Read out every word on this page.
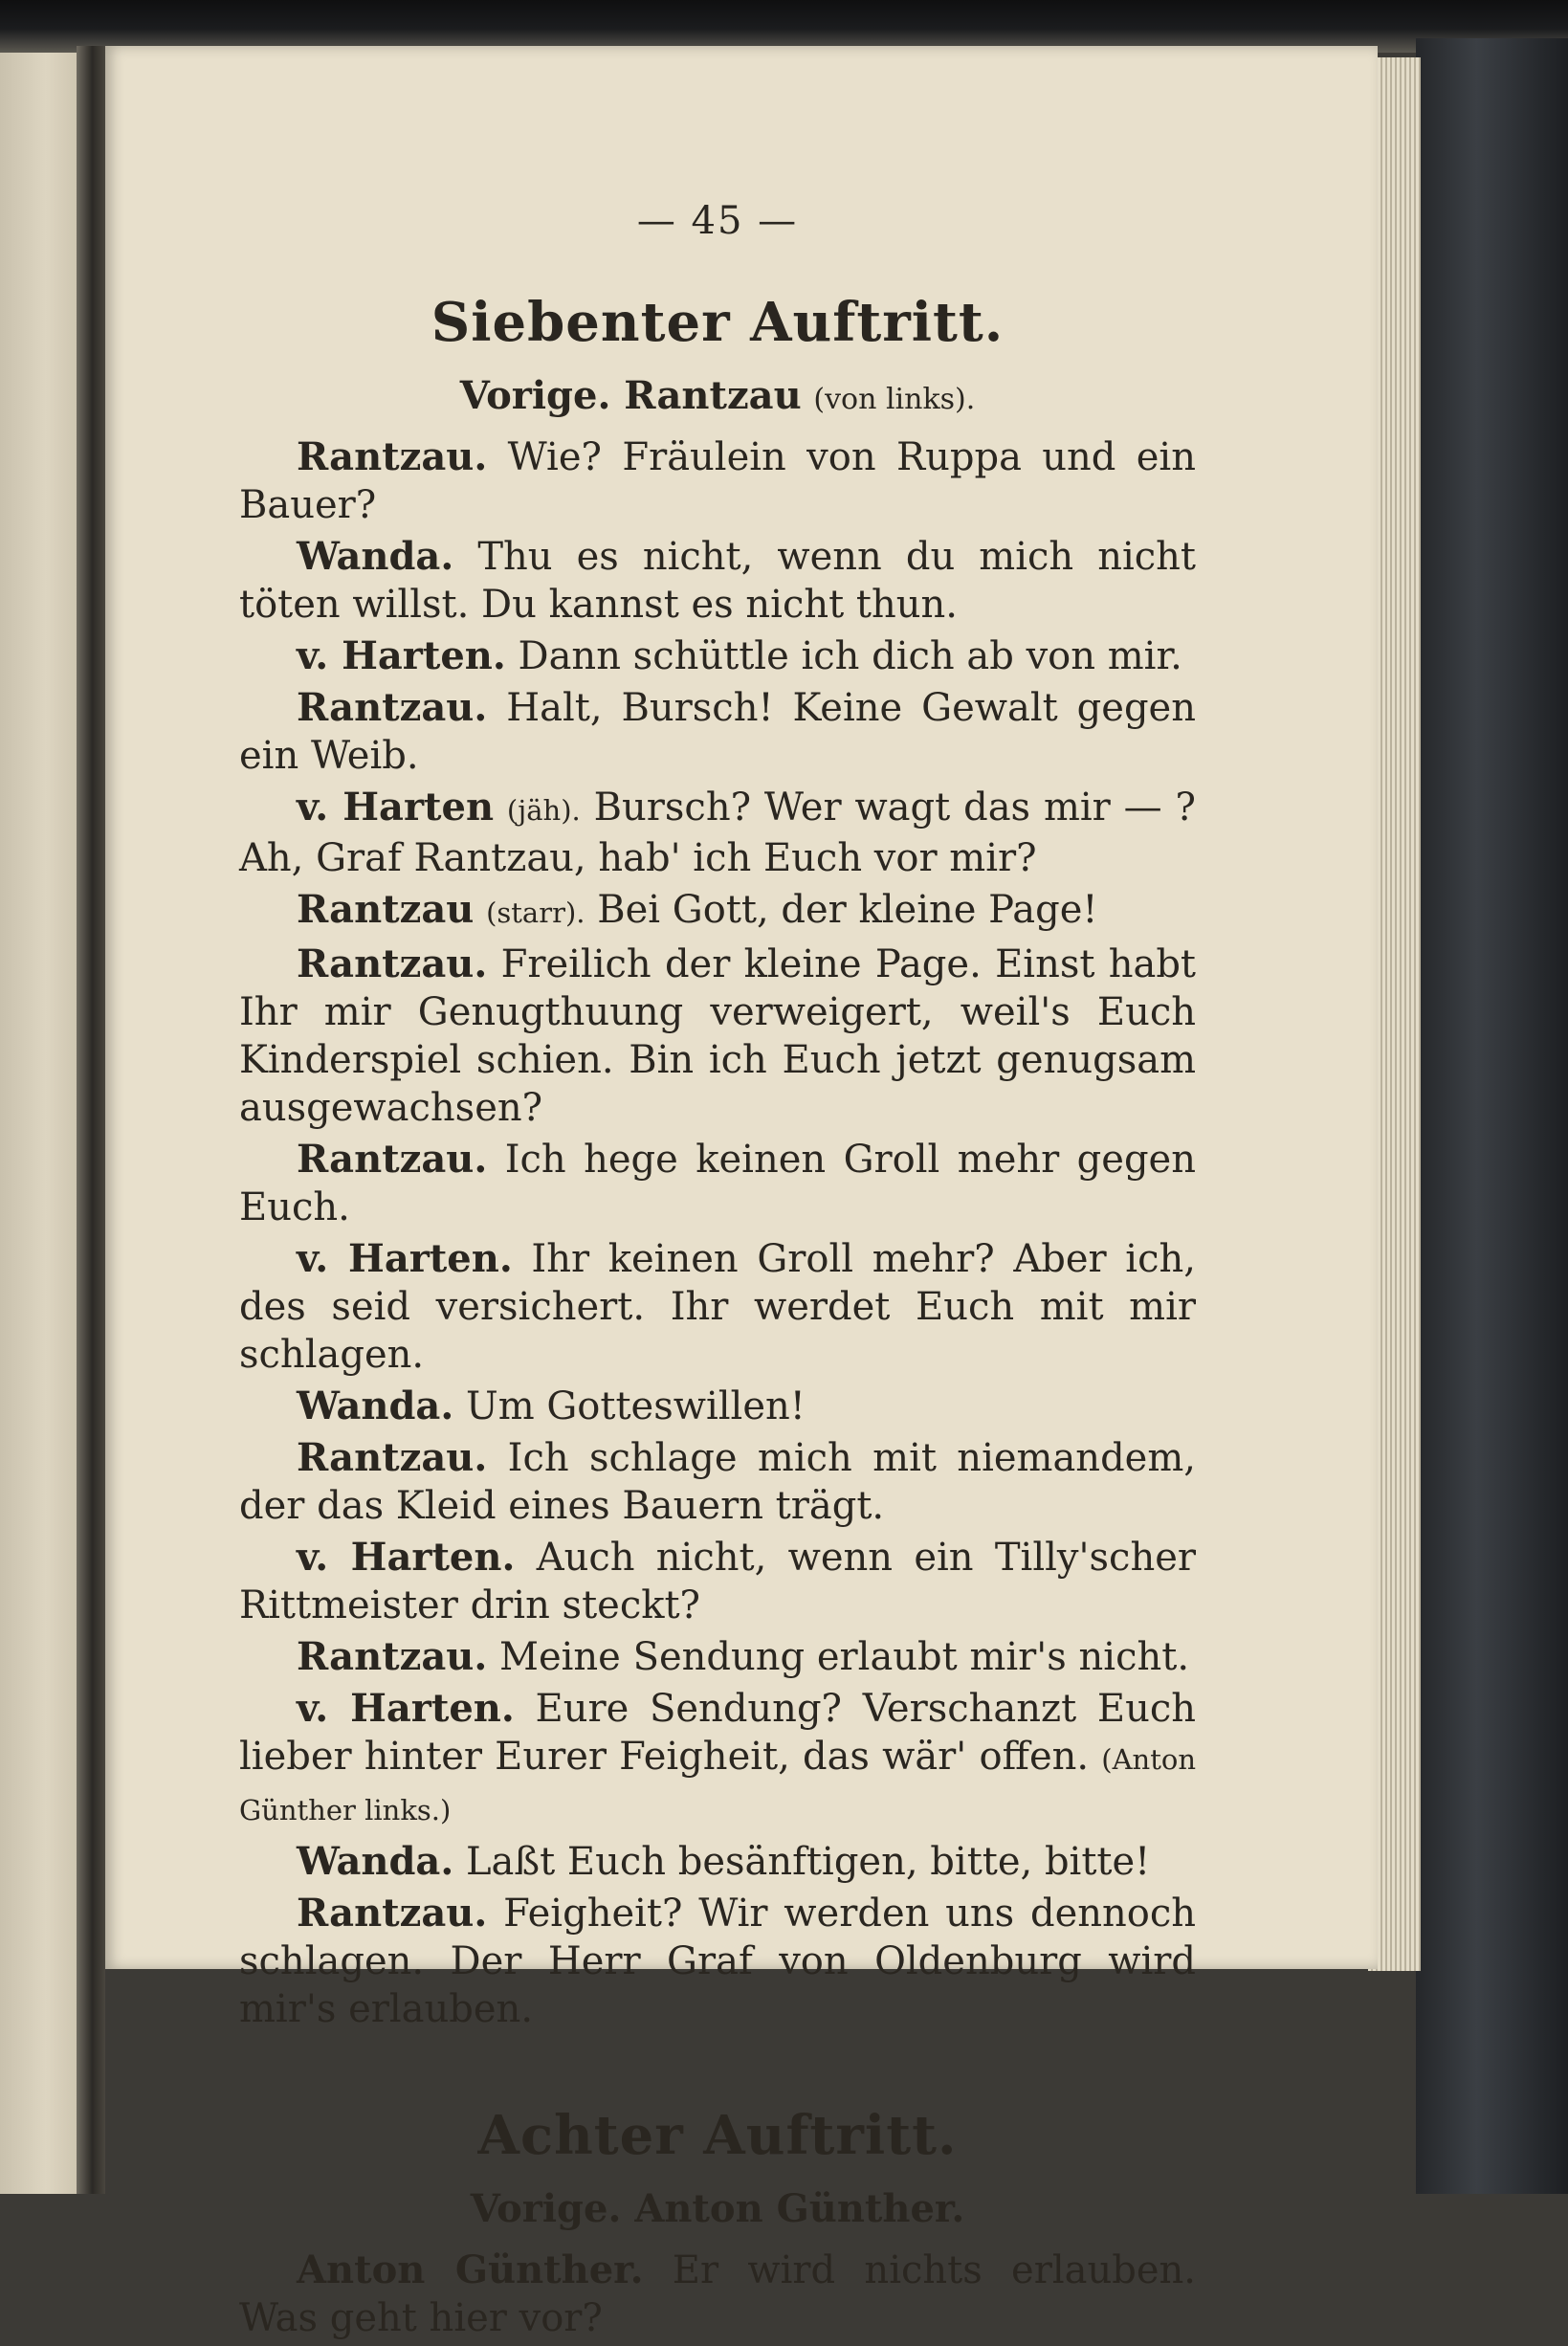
— 45 —
Siebenter Auftritt.
Vorige. Rantzau (von links).

Rantzau. Wie? Fräulein von Ruppa und ein Bauer?

Wanda. Thu es nicht, wenn du mich nicht töten willst. Du kannst es nicht thun.

v. Harten. Dann schüttle ich dich ab von mir.

Rantzau. Halt, Bursch! Keine Gewalt gegen ein Weib.

v. Harten (jäh). Bursch? Wer wagt das mir — ? Ah, Graf Rantzau, hab' ich Euch vor mir?

Rantzau (starr). Bei Gott, der kleine Page!

Rantzau. Freilich der kleine Page. Einst habt Ihr mir Genugthuung verweigert, weil's Euch Kinderspiel schien. Bin ich Euch jetzt genugsam ausgewachsen?

Rantzau. Ich hege keinen Groll mehr gegen Euch.

v. Harten. Ihr keinen Groll mehr? Aber ich, des seid versichert. Ihr werdet Euch mit mir schlagen.

Wanda. Um Gotteswillen!

Rantzau. Ich schlage mich mit niemandem, der das Kleid eines Bauern trägt.

v. Harten. Auch nicht, wenn ein Tilly'scher Rittmeister drin steckt?

Rantzau. Meine Sendung erlaubt mir's nicht.

v. Harten. Eure Sendung? Verschanzt Euch lieber hinter Eurer Feigheit, das wär' offen. (Anton Günther links.)

Wanda. Laßt Euch besänftigen, bitte, bitte!

Rantzau. Feigheit? Wir werden uns dennoch schlagen. Der Herr Graf von Oldenburg wird mir's erlauben.

Achter Auftritt.
Vorige. Anton Günther.

Anton Günther. Er wird nichts erlauben. Was geht hier vor?
